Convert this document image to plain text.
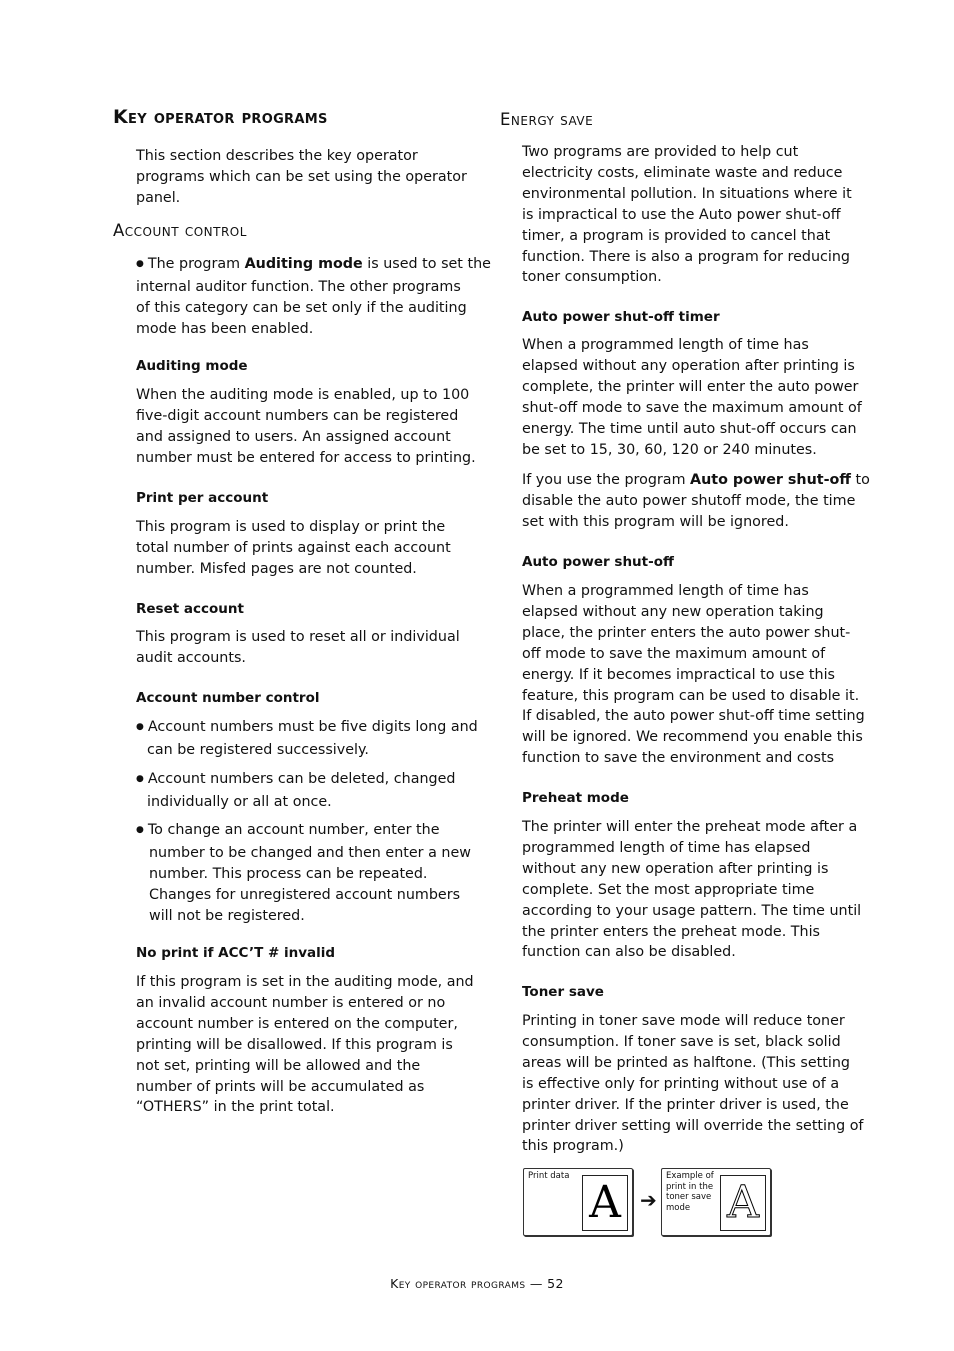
Key operator programs
This section describes the key operator
programs which can be set using the operator
panel.
Account control
● The program Auditing mode is used to set the
internal auditor function. The other programs
of this category can be set only if the auditing
mode has been enabled.
Auditing mode
When the auditing mode is enabled, up to 100
five-digit account numbers can be registered
and assigned to users. An assigned account
number must be entered for access to printing.
Print per account
This program is used to display or print the
total number of prints against each account
number. Misfed pages are not counted.
Reset account
This program is used to reset all or individual
audit accounts.
Account number control
● Account numbers must be five digits long and
can be registered successively.
● Account numbers can be deleted, changed
individually or all at once.
● To change an account number, enter the
number to be changed and then enter a new
number. This process can be repeated.
Changes for unregistered account numbers
will not be registered.
No print if ACC’T # invalid
If this program is set in the auditing mode, and
an invalid account number is entered or no
account number is entered on the computer,
printing will be disallowed. If this program is
not set, printing will be allowed and the
number of prints will be accumulated as
“OTHERS” in the print total.
Energy save
Two programs are provided to help cut
electricity costs, eliminate waste and reduce
environmental pollution. In situations where it
is impractical to use the Auto power shut-off
timer, a program is provided to cancel that
function. There is also a program for reducing
toner consumption.
Auto power shut-off timer
When a programmed length of time has
elapsed without any operation after printing is
complete, the printer will enter the auto power
shut-off mode to save the maximum amount of
energy. The time until auto shut-off occurs can
be set to 15, 30, 60, 120 or 240 minutes.
If you use the program Auto power shut-off to
disable the auto power shutoff mode, the time
set with this program will be ignored.
Auto power shut-off
When a programmed length of time has
elapsed without any new operation taking
place, the printer enters the auto power shut-
off mode to save the maximum amount of
energy. If it becomes impractical to use this
feature, this program can be used to disable it.
If disabled, the auto power shut-off time setting
will be ignored. We recommend you enable this
function to save the environment and costs
Preheat mode
The printer will enter the preheat mode after a
programmed length of time has elapsed
without any new operation after printing is
complete. Set the most appropriate time
according to your usage pattern. The time until
the printer enters the preheat mode. This
function can also be disabled.
Toner save
Printing in toner save mode will reduce toner
consumption. If toner save is set, black solid
areas will be printed as halftone. (This setting
is effective only for printing without use of a
printer driver. If the printer driver is used, the
printer driver setting will override the setting of
this program.)
Print data
A ➔
Example of
print in the
toner save
mode A
Key operator programs — 52
